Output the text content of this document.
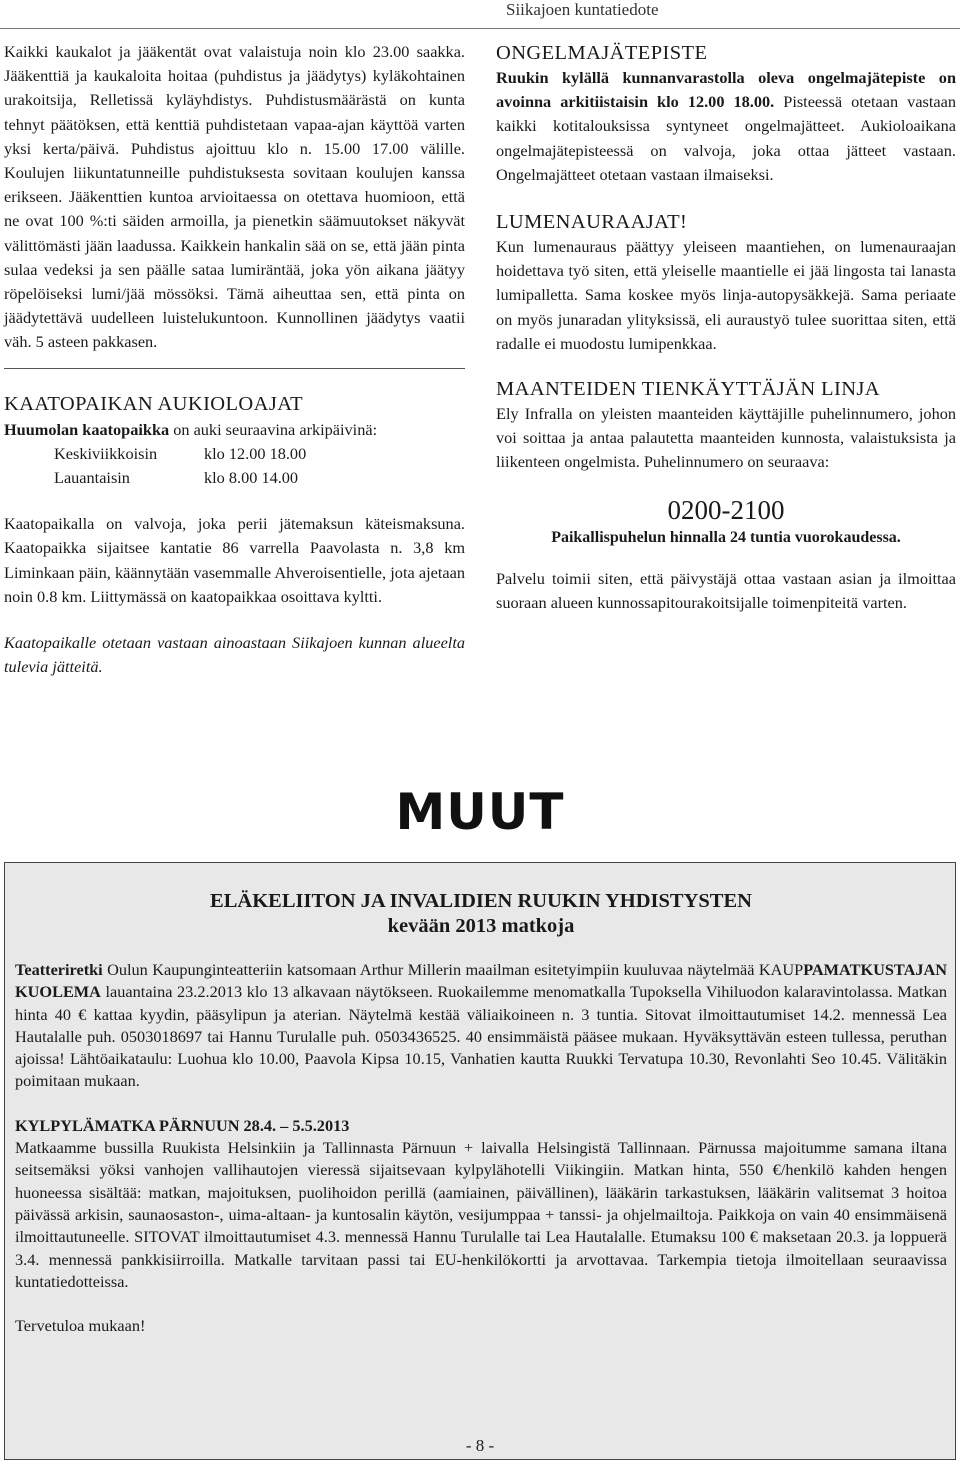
Siikajoen kuntatiedote

Kaikki kaukalot ja jääkentät ovat valaistuja noin klo 23.00 saakka. Jääkenttiä ja kaukaloita hoitaa (puhdistus ja jäädytys) kyläkohtainen urakoitsija, Relletissä kyläyhdistys. Puhdistusmäärästä on kunta tehnyt päätöksen, että kenttiä puhdistetaan vapaa-ajan käyttöä varten yksi kerta/päivä. Puhdistus ajoittuu klo n. 15.00 17.00 välille. Koulujen liikuntatunneille puhdistuksesta sovitaan koulujen kanssa erikseen. Jääkenttien kuntoa arvioitaessa on otettava huomioon, että ne ovat 100 %:ti säiden armoilla, ja pienetkin säämuutokset näkyvät välittömästi jään laadussa. Kaikkein hankalin sää on se, että jään pinta sulaa vedeksi ja sen päälle sataa lumiräntää, joka yön aikana jäätyy röpelöiseksi lumi/jää mössöksi. Tämä aiheuttaa sen, että pinta on jäädytettävä uudelleen luistelukuntoon. Kunnollinen jäädytys vaatii väh. 5 asteen pakkasen.

KAATOPAIKAN AUKIOLOAJAT

Huumolan kaatopaikka on auki seuraavina arkipäivinä:

Keskiviikkoisin	klo 12.00 18.00
Lauantaisin	klo 8.00 14.00

Kaatopaikalla on valvoja, joka perii jätemaksun käteismaksuna. Kaatopaikka sijaitsee kantatie 86 varrella Paavolasta n. 3,8 km Liminkaan päin, käännytään vasemmalle Ahveroisentielle, jota ajetaan noin 0.8 km. Liittymässä on kaatopaikkaa osoittava kyltti.

Kaatopaikalle otetaan vastaan ainoastaan Siikajoen kunnan alueelta tulevia jätteitä.

ONGELMAJÄTEPISTE

Ruukin kylällä kunnanvarastolla oleva ongelmajätepiste on avoinna arkitiistaisin klo 12.00 18.00. Pisteessä otetaan vastaan kaikki kotitalouksissa syntyneet ongelmajätteet. Aukioloaikana ongelmajätepisteessä on valvoja, joka ottaa jätteet vastaan. Ongelmajätteet otetaan vastaan ilmaiseksi.

LUMENAURAAJAT!

Kun lumenauraus päättyy yleiseen maantiehen, on lumenauraajan hoidettava työ siten, että yleiselle maantielle ei jää lingosta tai lanasta lumipalletta. Sama koskee myös linja-autopysäkkejä. Sama periaate on myös junaradan ylityksissä, eli auraustyö tulee suorittaa siten, että radalle ei muodostu lumipenkkaa.

MAANTEIDEN TIENKÄYTTÄJÄN LINJA

Ely Infralla on yleisten maanteiden käyttäjille puhelinnumero, johon voi soittaa ja antaa palautetta maanteiden kunnosta, valaistuksista ja liikenteen ongelmista. Puhelinnumero on seuraava:

0200-2100
Paikallispuhelun hinnalla 24 tuntia vuorokaudessa.

Palvelu toimii siten, että päivystäjä ottaa vastaan asian ja ilmoittaa suoraan alueen kunnossapitourakoitsijalle toimenpiteitä varten.

MUUT
ELÄKELIITON JA INVALIDIEN RUUKIN YHDISTYSTEN
kevään 2013 matkoja

Teatteriretki Oulun Kaupunginteatteriin katsomaan Arthur Millerin maailman esitetyimpiin kuuluvaa näytelmää KAUPPAMATKUSTAJAN KUOLEMA lauantaina 23.2.2013 klo 13 alkavaan näytökseen. Ruokailemme menomatkalla Tupoksella Vihiluodon kalaravintolassa. Matkan hinta 40 € kattaa kyydin, pääsylipun ja aterian. Näytelmä kestää väliaikoineen n. 3 tuntia. Sitovat ilmoittautumiset 14.2. mennessä Lea Hautalalle puh. 0503018697 tai Hannu Turulalle puh. 0503436525. 40 ensimmäistä pääsee mukaan. Hyväksyttävän esteen tullessa, peruthan ajoissa! Lähtöaikataulu: Luohua klo 10.00, Paavola Kipsa 10.15, Vanhatien kautta Ruukki Tervatupa 10.30, Revonlahti Seo 10.45. Välitäkin poimitaan mukaan.

KYLPYLÄMATKA PÄRNUUN 28.4. – 5.5.2013

Matkaamme bussilla Ruukista Helsinkiin ja Tallinnasta Pärnuun + laivalla Helsingistä Tallinnaan. Pärnussa majoitumme samana iltana seitsemäksi yöksi vanhojen vallihautojen vieressä sijaitsevaan kylpylähotelli Viikingiin. Matkan hinta, 550 €/henkilö kahden hengen huoneessa sisältää: matkan, majoituksen, puolihoidon perillä (aamiainen, päivällinen), lääkärin tarkastuksen, lääkärin valitsemat 3 hoitoa päivässä arkisin, saunaosaston-, uima-altaan- ja kuntosalin käytön, vesijumppaa + tanssi- ja ohjelmailtoja. Paikkoja on vain 40 ensimmäisenä ilmoittautuneelle. SITOVAT ilmoittautumiset 4.3. mennessä Hannu Turulalle tai Lea Hautalalle. Etumaksu 100 € maksetaan 20.3. ja loppuerä 3.4. mennessä pankkisiirroilla. Matkalle tarvitaan passi tai EU-henkilökortti ja arvottavaa. Tarkempia tietoja ilmoitellaan seuraavissa kuntatiedotteissa.

Tervetuloa mukaan!

- 8 -
